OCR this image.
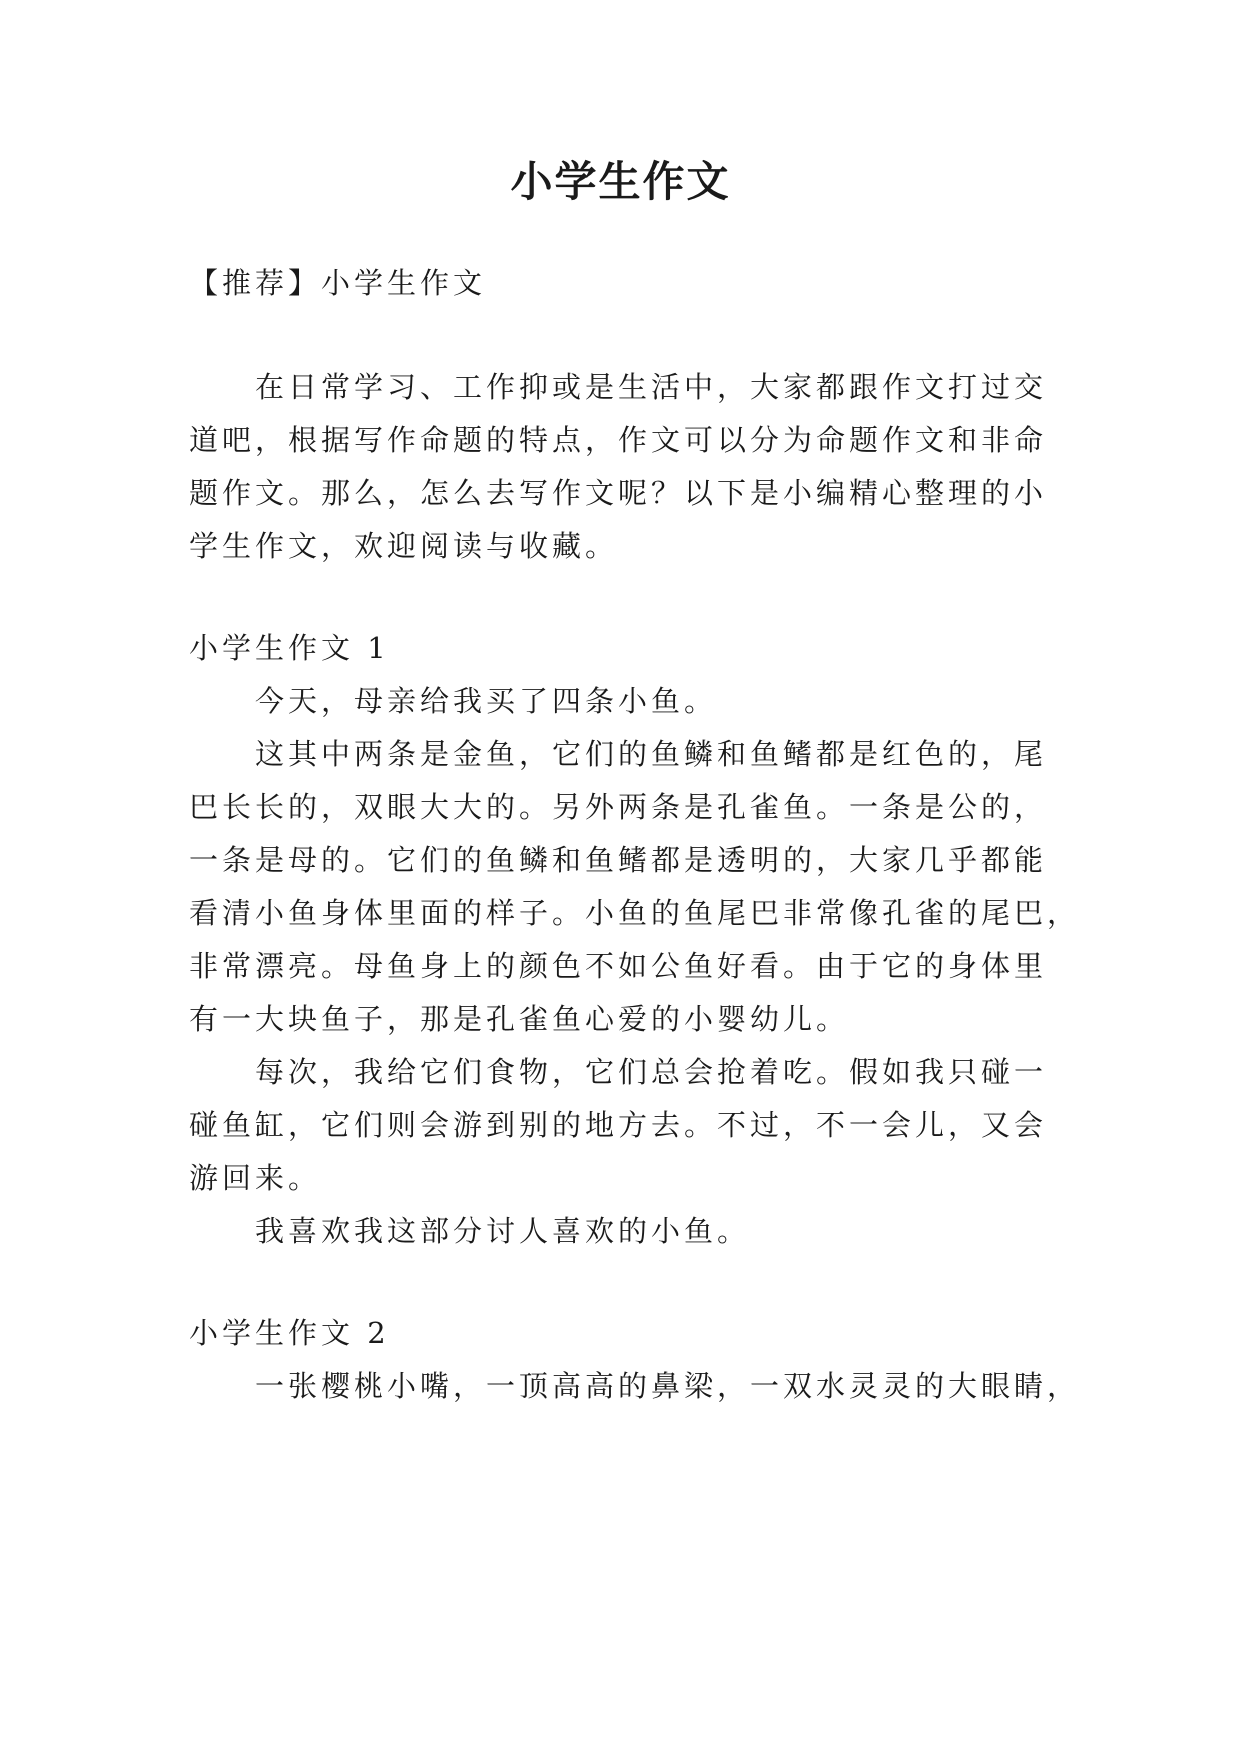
小学生作文

【推荐】小学生作文

在日常学习、工作抑或是生活中，大家都跟作文打过交

道吧，根据写作命题的特点，作文可以分为命题作文和非命

题作文。那么，怎么去写作文呢？以下是小编精心整理的小

学生作文，欢迎阅读与收藏。

小学生作文 1

今天，母亲给我买了四条小鱼。

这其中两条是金鱼，它们的鱼鳞和鱼鳍都是红色的，尾

巴长长的，双眼大大的。另外两条是孔雀鱼。一条是公的，

一条是母的。它们的鱼鳞和鱼鳍都是透明的，大家几乎都能

看清小鱼身体里面的样子。小鱼的鱼尾巴非常像孔雀的尾巴，

非常漂亮。母鱼身上的颜色不如公鱼好看。由于它的身体里

有一大块鱼子，那是孔雀鱼心爱的小婴幼儿。

每次，我给它们食物，它们总会抢着吃。假如我只碰一

碰鱼缸，它们则会游到别的地方去。不过，不一会儿，又会

游回来。

我喜欢我这部分讨人喜欢的小鱼。

小学生作文 2

一张樱桃小嘴，一顶高高的鼻梁，一双水灵灵的大眼睛，
